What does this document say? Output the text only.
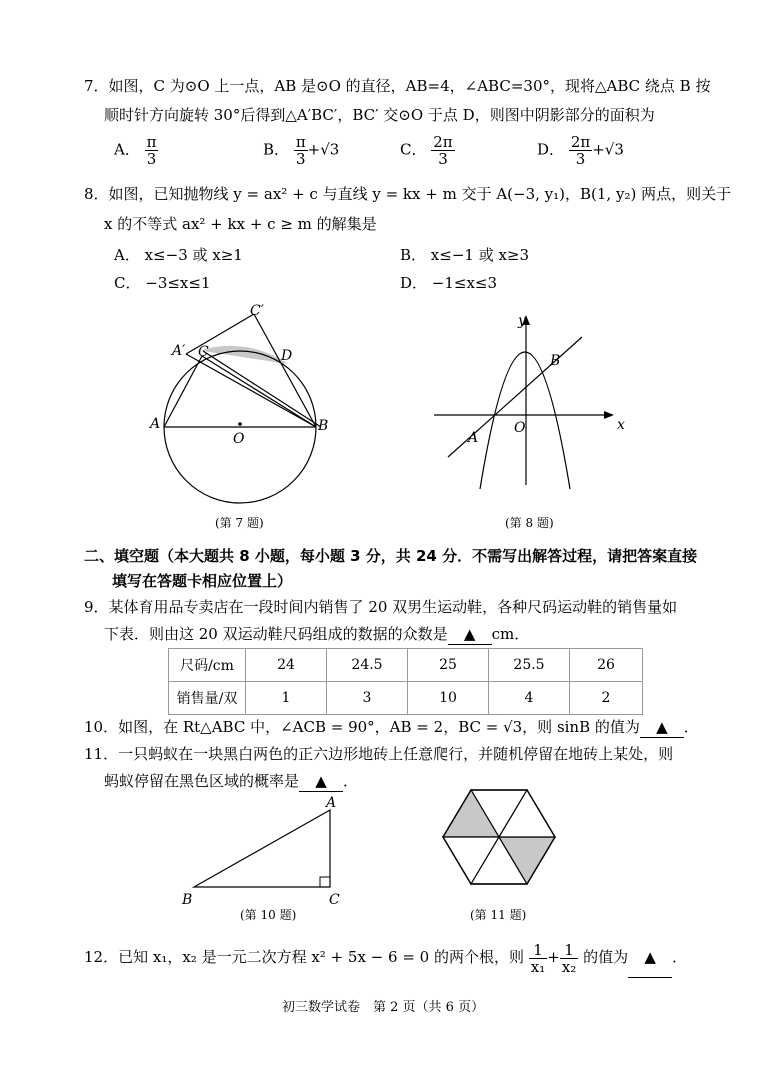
7．如图，C 为⊙O 上一点，AB 是⊙O 的直径，AB=4，∠ABC=30°，现将△ABC 绕点 B 按
顺时针方向旋转 30°后得到△A′BC′，BC′ 交⊙O 于点 D，则图中阴影部分的面积为
A． $\frac{\pi}{3}$	B． $\frac{\pi}{3} +√3$	C． $\frac{2\pi}{3}$	D． $\frac{2\pi}{3} +√3$
8．如图，已知抛物线 y = ax² + c 与直线 y = kx + m 交于 A(−3, y₁)，B(1, y₂) 两点，则关于
x 的不等式 ax² + kx + c ≥ m 的解集是
A． x≤−3 或 x≥1	B． x≤−1 或 x≥3
C． −3≤x≤1	D． −1≤x≤3
A	B
C
O
A′
C′
D
(第 7 题)
y
x
O
A
B
(第 8 题)
二、填空题（本大题共 8 小题，每小题 3 分，共 24 分．不需写出解答过程，请把答案直接
填写在答题卡相应位置上）
9．某体育用品专卖店在一段时间内销售了 20 双男生运动鞋，各种尺码运动鞋的销售量如
下表．则由这 20 双运动鞋尺码组成的数据的众数是 ▲ cm．
尺码/cm	24	24.5	25	25.5	26
销售量/双	1	3	10	4	2
10．如图，在 Rt△ABC 中，∠ACB = 90°，AB = 2，BC = √3，则 sinB 的值为 ▲ ．
11．一只蚂蚁在一块黑白两色的正六边形地砖上任意爬行，并随机停留在地砖上某处，则
蚂蚁停留在黑色区域的概率是 ▲ ．
A
B	C
(第 10 题)	(第 11 题)
12．已知 x₁，x₂ 是一元二次方程 x² + 5x − 6 = 0 的两个根，则 $\frac{1}{\text{x₁}} + \frac{1}{\text{x₂}}$ 的值为 ▲ ．
初三数学试卷　第 2 页（共 6 页）
